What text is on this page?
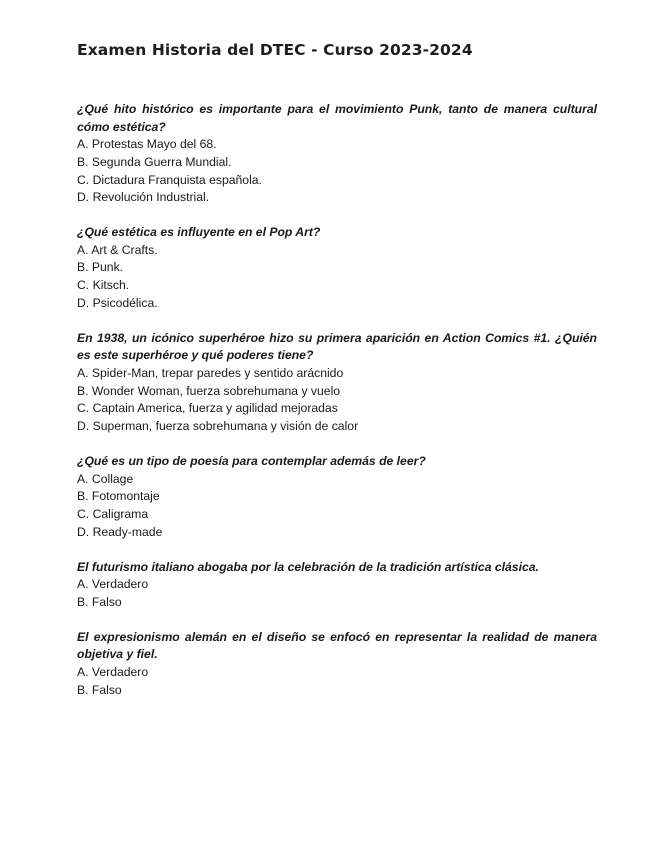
Examen Historia del DTEC - Curso 2023-2024

¿Qué hito histórico es importante para el movimiento Punk, tanto de manera cultural cómo estética?

A. Protestas Mayo del 68.
B. Segunda Guerra Mundial.
C. Dictadura Franquista española.
D. Revolución Industrial.

¿Qué estética es influyente en el Pop Art?

A. Art & Crafts.
B. Punk.
C. Kitsch.
D. Psicodélica.

En 1938, un icónico superhéroe hizo su primera aparición en Action Comics #1. ¿Quién es este superhéroe y qué poderes tiene?

A. Spider-Man, trepar paredes y sentido arácnido
B. Wonder Woman, fuerza sobrehumana y vuelo
C. Captain America, fuerza y agilidad mejoradas
D. Superman, fuerza sobrehumana y visión de calor

¿Qué es un tipo de poesía para contemplar además de leer?

A. Collage
B. Fotomontaje
C. Caligrama
D. Ready-made

El futurismo italiano abogaba por la celebración de la tradición artística clásica.

A. Verdadero
B. Falso

El expresionismo alemán en el diseño se enfocó en representar la realidad de manera objetiva y fiel.

A. Verdadero
B. Falso
